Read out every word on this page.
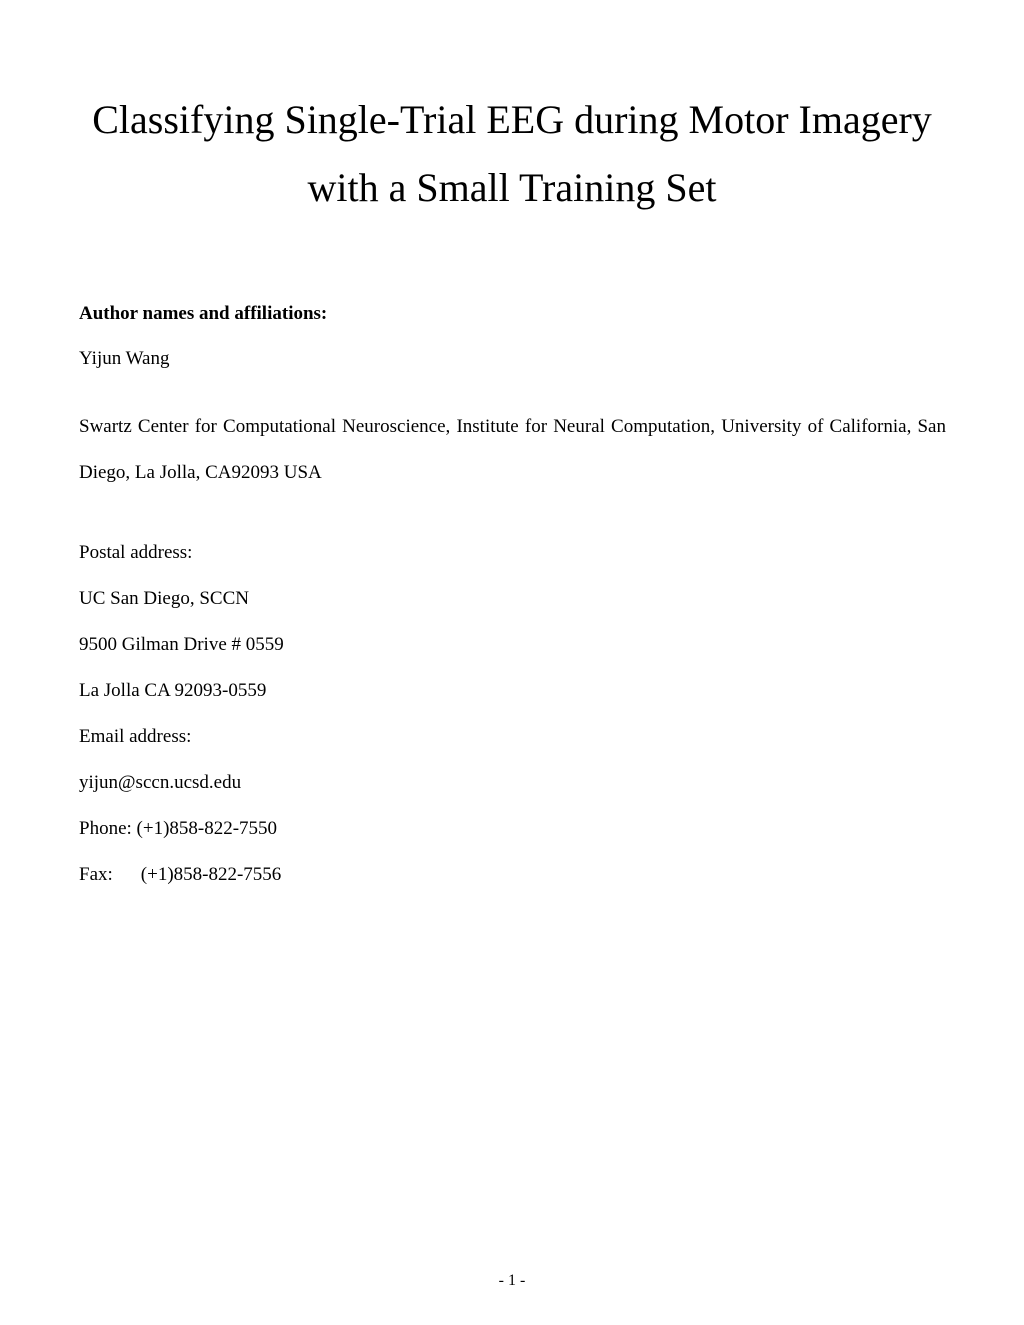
Classifying Single-Trial EEG during Motor Imagery
with a Small Training Set
Author names and affiliations:
Yijun Wang
Swartz Center for Computational Neuroscience, Institute for Neural Computation, University of California, San
Diego, La Jolla, CA92093 USA
Postal address:
UC San Diego, SCCN
9500 Gilman Drive # 0559
La Jolla CA 92093-0559
Email address:
yijun@sccn.ucsd.edu
Phone: (+1)858-822-7550
Fax: (+1)858-822-7556
- 1 -
